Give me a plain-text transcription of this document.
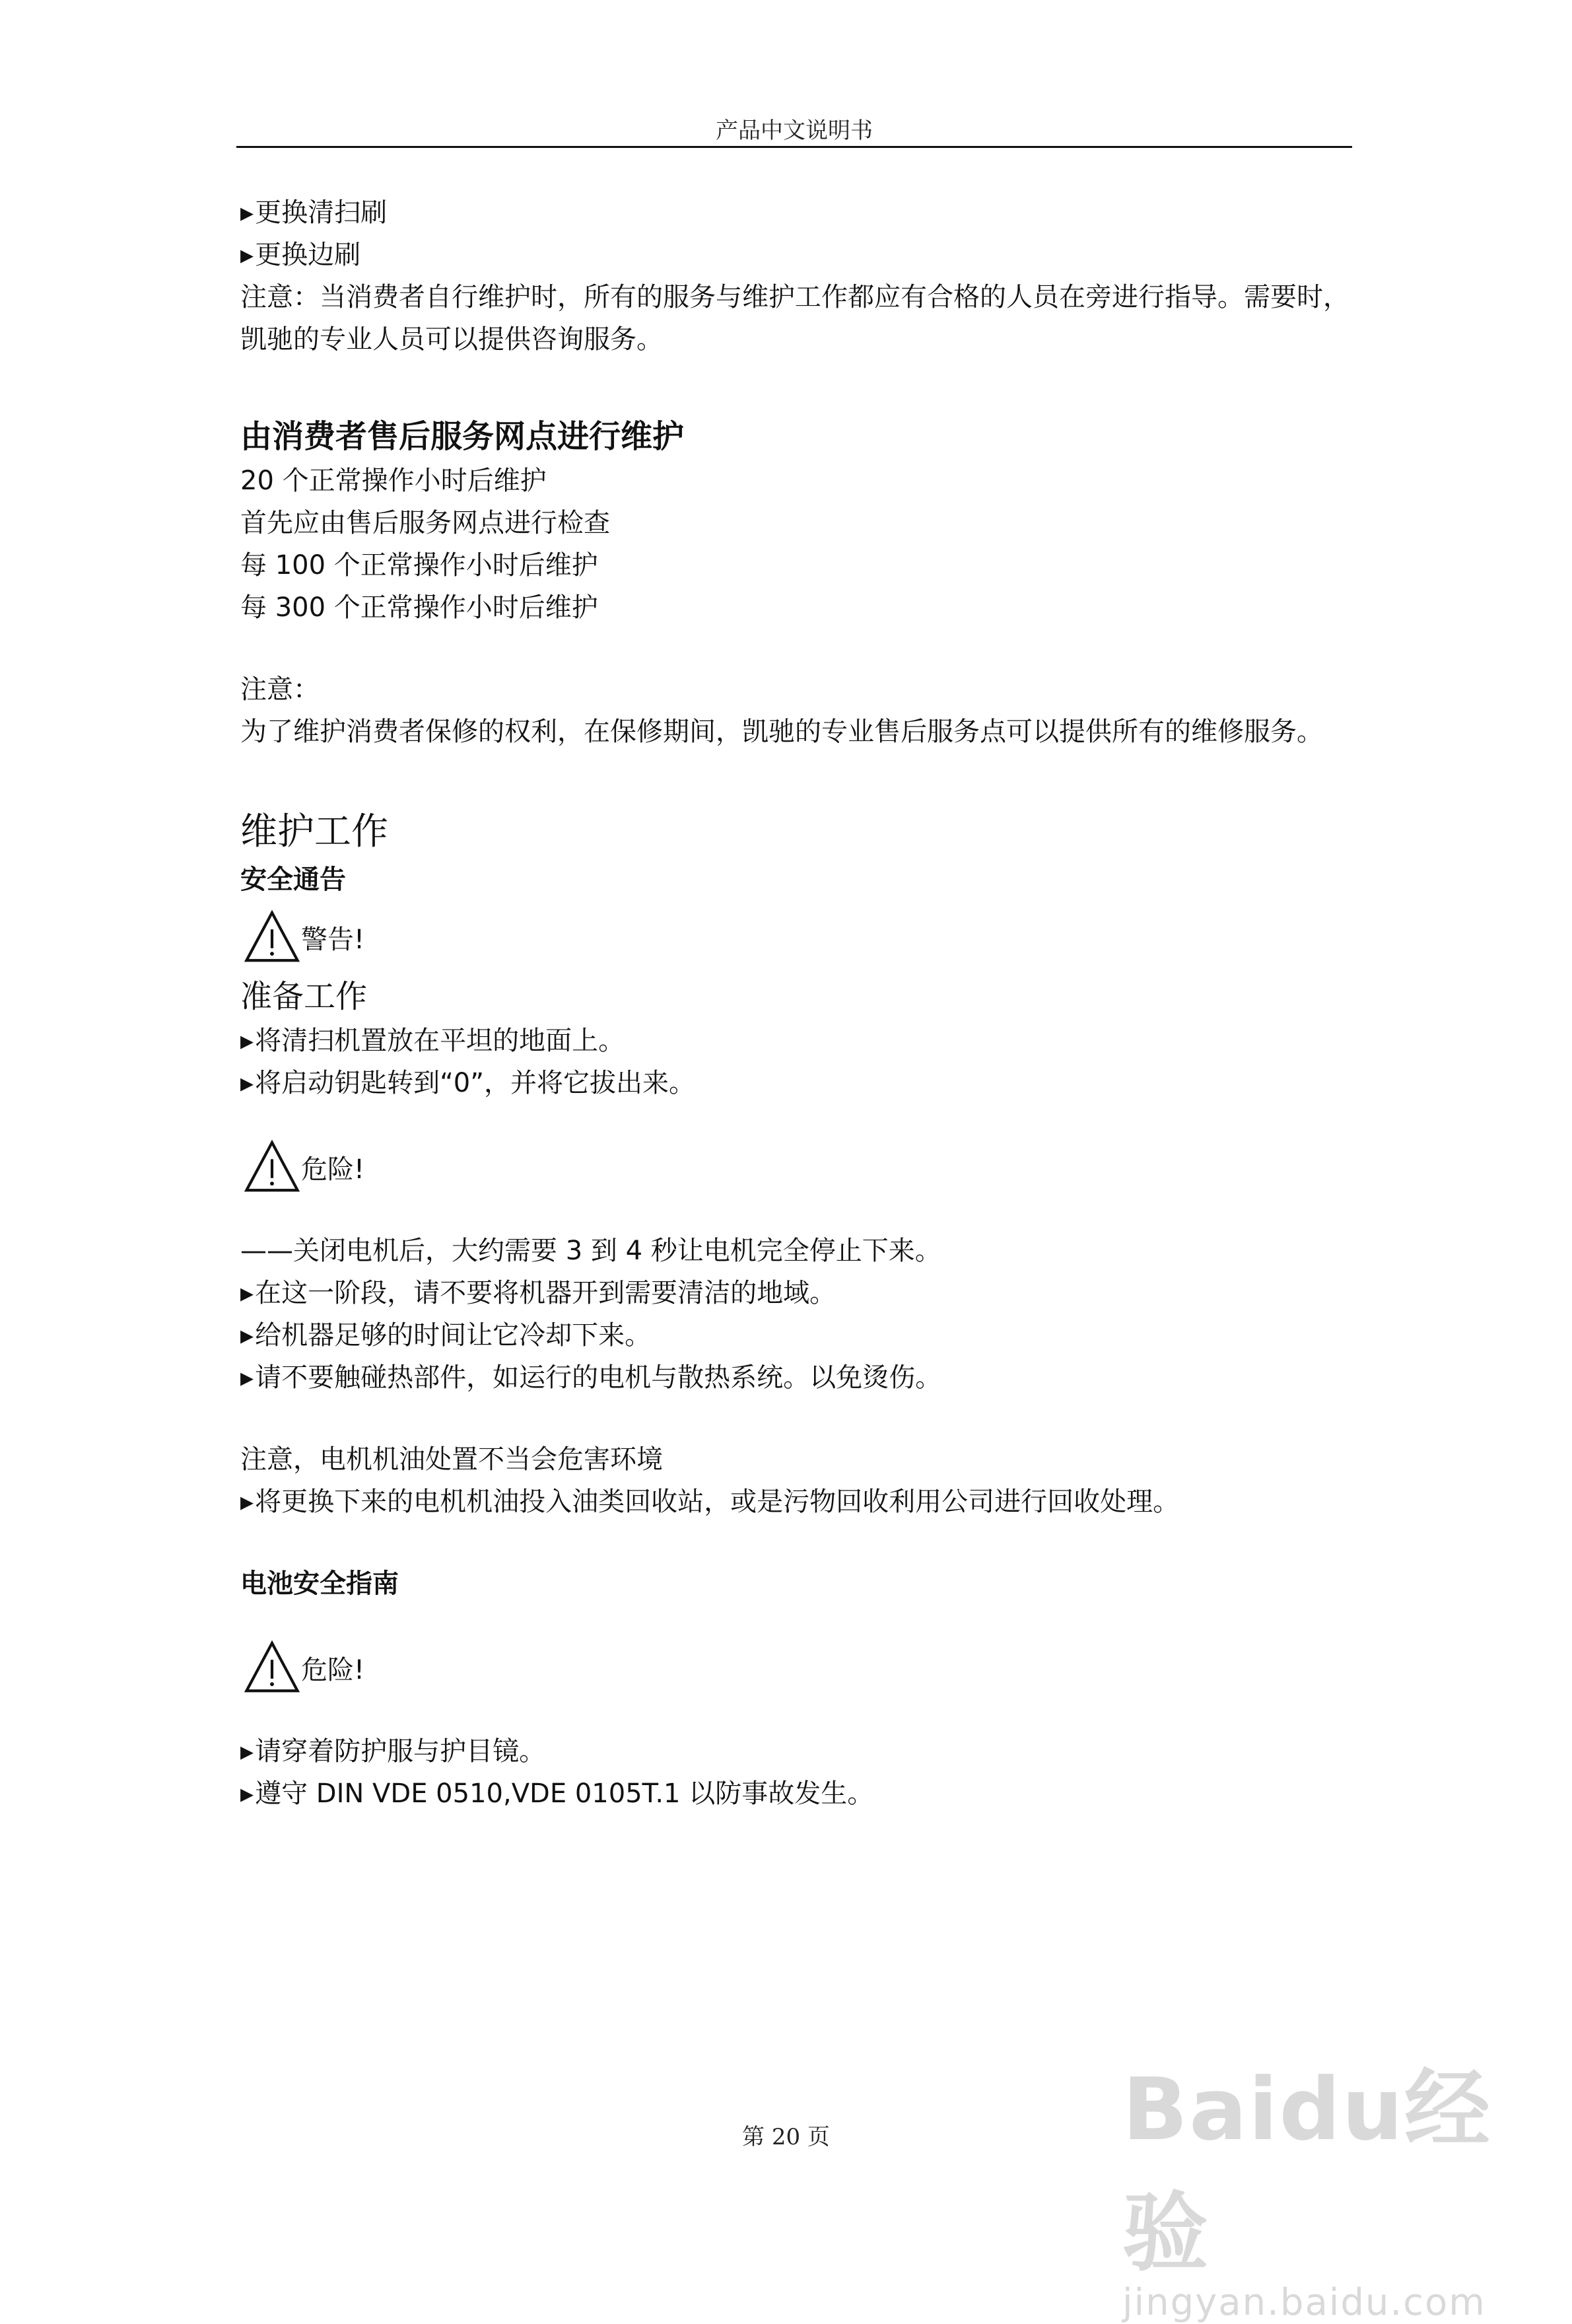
产品中文说明书
▸ 更换清扫刷
▸ 更换边刷
注意：当消费者自行维护时，所有的服务与维护工作都应有合格的人员在旁进行指导。需要时，凯驰的专业人员可以提供咨询服务。
由消费者售后服务网点进行维护
20 个正常操作小时后维护
首先应由售后服务网点进行检查
每 100 个正常操作小时后维护
每 300 个正常操作小时后维护
注意：
为了维护消费者保修的权利，在保修期间，凯驰的专业售后服务点可以提供所有的维修服务。
维护工作
安全通告
警告!
准备工作
▸ 将清扫机置放在平坦的地面上。
▸ 将启动钥匙转到“0”，并将它拔出来。
危险!
——关闭电机后，大约需要 3 到 4 秒让电机完全停止下来。
▸ 在这一阶段，请不要将机器开到需要清洁的地域。
▸ 给机器足够的时间让它冷却下来。
▸ 请不要触碰热部件，如运行的电机与散热系统。以免烫伤。
注意，电机机油处置不当会危害环境
▸ 将更换下来的电机机油投入油类回收站，或是污物回收利用公司进行回收处理。
电池安全指南
危险!
▸ 请穿着防护服与护目镜。
▸ 遵守 DIN VDE 0510,VDE 0105T.1 以防事故发生。
第 20 页	Baidu经验
jingyan.baidu.com
